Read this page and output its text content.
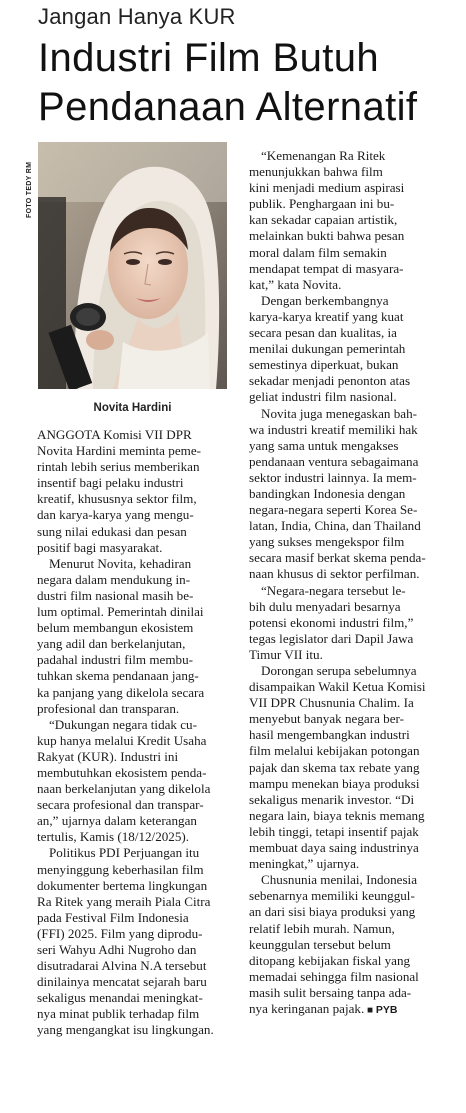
Jangan Hanya KUR
Industri Film Butuh
Pendanaan Alternatif
FOTO TEDY RM
Novita Hardini
ANGGOTA Komisi VII DPR
Novita Hardini meminta peme-
rintah lebih serius memberikan
insentif bagi pelaku industri
kreatif, khususnya sektor film,
dan karya-karya yang mengu-
sung nilai edukasi dan pesan
positif bagi masyarakat.
Menurut Novita, kehadiran
negara dalam mendukung in-
dustri film nasional masih be-
lum optimal. Pemerintah dinilai
belum membangun ekosistem
yang adil dan berkelanjutan,
padahal industri film membu-
tuhkan skema pendanaan jang-
ka panjang yang dikelola secara
profesional dan transparan.
“Dukungan negara tidak cu-
kup hanya melalui Kredit Usaha
Rakyat (KUR). Industri ini
membutuhkan ekosistem penda-
naan berkelanjutan yang dikelola
secara profesional dan transpar-
an,” ujarnya dalam keterangan
tertulis, Kamis (18/12/2025).
Politikus PDI Perjuangan itu
menyinggung keberhasilan film
dokumenter bertema lingkungan
Ra Ritek yang meraih Piala Citra
pada Festival Film Indonesia
(FFI) 2025. Film yang diprodu-
seri Wahyu Adhi Nugroho dan
disutradarai Alvina N.A tersebut
dinilainya mencatat sejarah baru
sekaligus menandai meningkat-
nya minat publik terhadap film
yang mengangkat isu lingkungan.
“Kemenangan Ra Ritek
menunjukkan bahwa film
kini menjadi medium aspirasi
publik. Penghargaan ini bu-
kan sekadar capaian artistik,
melainkan bukti bahwa pesan
moral dalam film semakin
mendapat tempat di masyara-
kat,” kata Novita.
Dengan berkembangnya
karya-karya kreatif yang kuat
secara pesan dan kualitas, ia
menilai dukungan pemerintah
semestinya diperkuat, bukan
sekadar menjadi penonton atas
geliat industri film nasional.
Novita juga menegaskan bah-
wa industri kreatif memiliki hak
yang sama untuk mengakses
pendanaan ventura sebagaimana
sektor industri lainnya. Ia mem-
bandingkan Indonesia dengan
negara-negara seperti Korea Se-
latan, India, China, dan Thailand
yang sukses mengekspor film
secara masif berkat skema penda-
naan khusus di sektor perfilman.
“Negara-negara tersebut le-
bih dulu menyadari besarnya
potensi ekonomi industri film,”
tegas legislator dari Dapil Jawa
Timur VII itu.
Dorongan serupa sebelumnya
disampaikan Wakil Ketua Komisi
VII DPR Chusnunia Chalim. Ia
menyebut banyak negara ber-
hasil mengembangkan industri
film melalui kebijakan potongan
pajak dan skema tax rebate yang
mampu menekan biaya produksi
sekaligus menarik investor. “Di
negara lain, biaya teknis memang
lebih tinggi, tetapi insentif pajak
membuat daya saing industrinya
meningkat,” ujarnya.
Chusnunia menilai, Indonesia
sebenarnya memiliki keunggul-
an dari sisi biaya produksi yang
relatif lebih murah. Namun,
keunggulan tersebut belum
ditopang kebijakan fiskal yang
memadai sehingga film nasional
masih sulit bersaing tanpa ada-
nya keringanan pajak. ■ PYB
